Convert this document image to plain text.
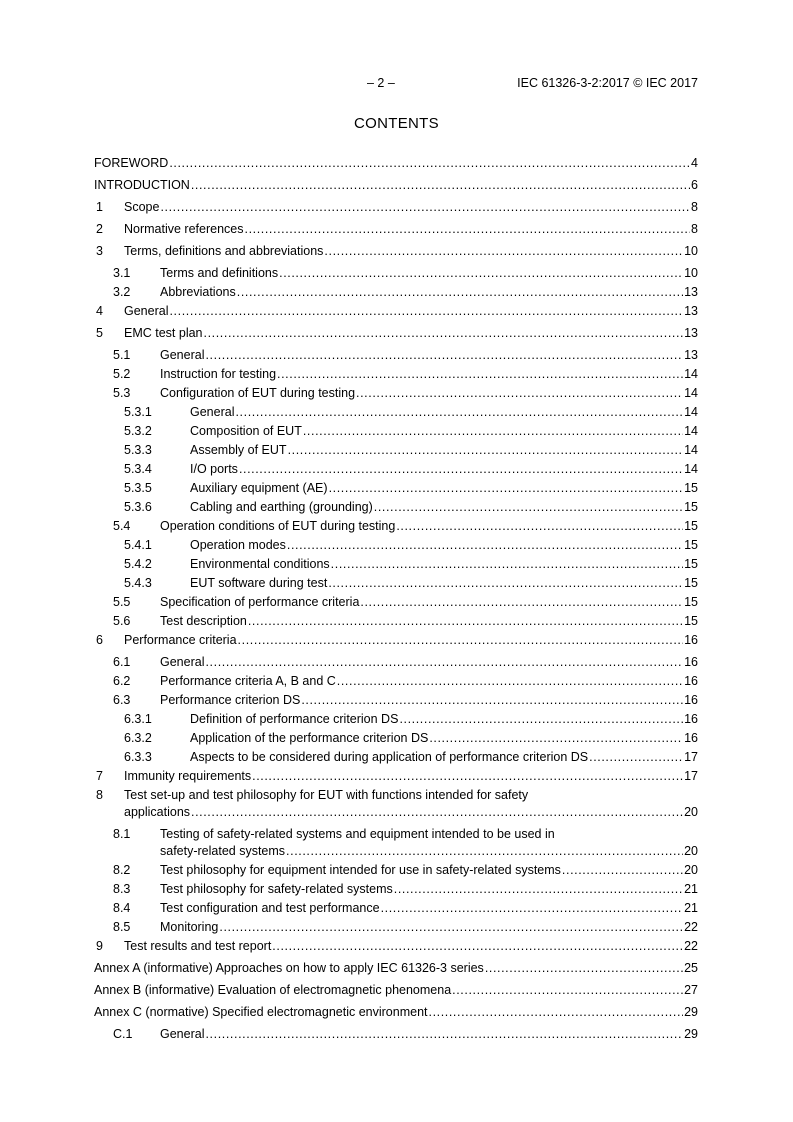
– 2 –	IEC 61326-3-2:2017 © IEC 2017
CONTENTS
FOREWORD .....	4
INTRODUCTION .....	6
1	Scope .....	8
2	Normative references .....	8
3	Terms, definitions and abbreviations .....	10
3.1	Terms and definitions .....	10
3.2	Abbreviations .....	13
4	General .....	13
5	EMC test plan .....	13
5.1	General .....	13
5.2	Instruction for testing .....	14
5.3	Configuration of EUT during testing .....	14
5.3.1	General .....	14
5.3.2	Composition of EUT .....	14
5.3.3	Assembly of EUT .....	14
5.3.4	I/O ports .....	14
5.3.5	Auxiliary equipment (AE) .....	15
5.3.6	Cabling and earthing (grounding) .....	15
5.4	Operation conditions of EUT during testing .....	15
5.4.1	Operation modes .....	15
5.4.2	Environmental conditions .....	15
5.4.3	EUT software during test .....	15
5.5	Specification of performance criteria .....	15
5.6	Test description .....	15
6	Performance criteria .....	16
6.1	General .....	16
6.2	Performance criteria A, B and C .....	16
6.3	Performance criterion DS .....	16
6.3.1	Definition of performance criterion DS .....	16
6.3.2	Application of the performance criterion DS .....	16
6.3.3	Aspects to be considered during application of performance criterion DS .....	17
7	Immunity requirements .....	17
8 Test set-up and test philosophy for EUT with functions intended for safety
applications .....	20
8.1 Testing of safety-related systems and equipment intended to be used in
safety-related systems .....	20
8.2	Test philosophy for equipment intended for use in safety-related systems .....	20
8.3	Test philosophy for safety-related systems .....	21
8.4	Test configuration and test performance .....	21
8.5	Monitoring .....	22
9	Test results and test report .....	22
Annex A (informative) Approaches on how to apply IEC 61326-3 series .....	25
Annex B (informative) Evaluation of electromagnetic phenomena .....	27
Annex C (normative) Specified electromagnetic environment .....	29
C.1	General .....	29
